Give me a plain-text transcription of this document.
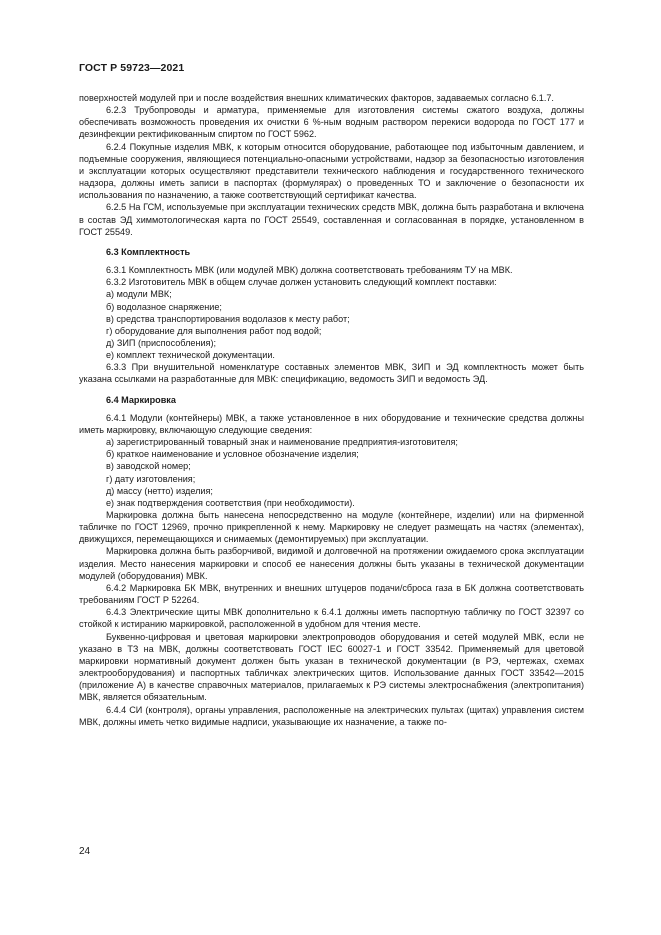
ГОСТ Р 59723—2021

поверхностей модулей при и после воздействия внешних климатических факторов, задаваемых согласно 6.1.7.

6.2.3 Трубопроводы и арматура, применяемые для изготовления системы сжатого воздуха, должны обеспечивать возможность проведения их очистки 6 %-ным водным раствором перекиси водорода по ГОСТ 177 и дезинфекции ректификованным спиртом по ГОСТ 5962.

6.2.4 Покупные изделия МВК, к которым относится оборудование, работающее под избыточным давлением, и подъемные сооружения, являющиеся потенциально-опасными устройствами, надзор за безопасностью изготовления и эксплуатации которых осуществляют представители технического наблюдения и государственного технического надзора, должны иметь записи в паспортах (формулярах) о проведенных ТО и заключение о безопасности их использования по назначению, а также соответствующий сертификат качества.

6.2.5 На ГСМ, используемые при эксплуатации технических средств МВК, должна быть разработана и включена в состав ЭД химмотологическая карта по ГОСТ 25549, составленная и согласованная в порядке, установленном в ГОСТ 25549.

6.3 Комплектность

6.3.1 Комплектность МВК (или модулей МВК) должна соответствовать требованиям ТУ на МВК.

6.3.2 Изготовитель МВК в общем случае должен установить следующий комплект поставки:

а) модули МВК;

б) водолазное снаряжение;

в) средства транспортирования водолазов к месту работ;

г) оборудование для выполнения работ под водой;

д) ЗИП (приспособления);

е) комплект технической документации.

6.3.3 При внушительной номенклатуре составных элементов МВК, ЗИП и ЭД комплектность может быть указана ссылками на разработанные для МВК: спецификацию, ведомость ЗИП и ведомость ЭД.

6.4 Маркировка

6.4.1 Модули (контейнеры) МВК, а также установленное в них оборудование и технические средства должны иметь маркировку, включающую следующие сведения:

а) зарегистрированный товарный знак и наименование предприятия-изготовителя;

б) краткое наименование и условное обозначение изделия;

в) заводской номер;

г) дату изготовления;

д) массу (нетто) изделия;

е) знак подтверждения соответствия (при необходимости).

Маркировка должна быть нанесена непосредственно на модуле (контейнере, изделии) или на фирменной табличке по ГОСТ 12969, прочно прикрепленной к нему. Маркировку не следует размещать на частях (элементах), движущихся, перемещающихся и снимаемых (демонтируемых) при эксплуатации.

Маркировка должна быть разборчивой, видимой и долговечной на протяжении ожидаемого срока эксплуатации изделия. Место нанесения маркировки и способ ее нанесения должны быть указаны в технической документации модулей (оборудования) МВК.

6.4.2 Маркировка БК МВК, внутренних и внешних штуцеров подачи/сброса газа в БК должна соответствовать требованиям ГОСТ Р 52264.

6.4.3 Электрические щиты МВК дополнительно к 6.4.1 должны иметь паспортную табличку по ГОСТ 32397 со стойкой к истиранию маркировкой, расположенной в удобном для чтения месте.

Буквенно-цифровая и цветовая маркировки электропроводов оборудования и сетей модулей МВК, если не указано в ТЗ на МВК, должны соответствовать ГОСТ IEC 60027-1 и ГОСТ 33542. Применяемый для цветовой маркировки нормативный документ должен быть указан в технической документации (в РЭ, чертежах, схемах электрооборудования) и паспортных табличках электрических щитов. Использование данных ГОСТ 33542—2015 (приложение А) в качестве справочных материалов, прилагаемых к РЭ системы электроснабжения (электропитания) МВК, является обязательным.

6.4.4 СИ (контроля), органы управления, расположенные на электрических пультах (щитах) управления систем МВК, должны иметь четко видимые надписи, указывающие их назначение, а также по-

24
